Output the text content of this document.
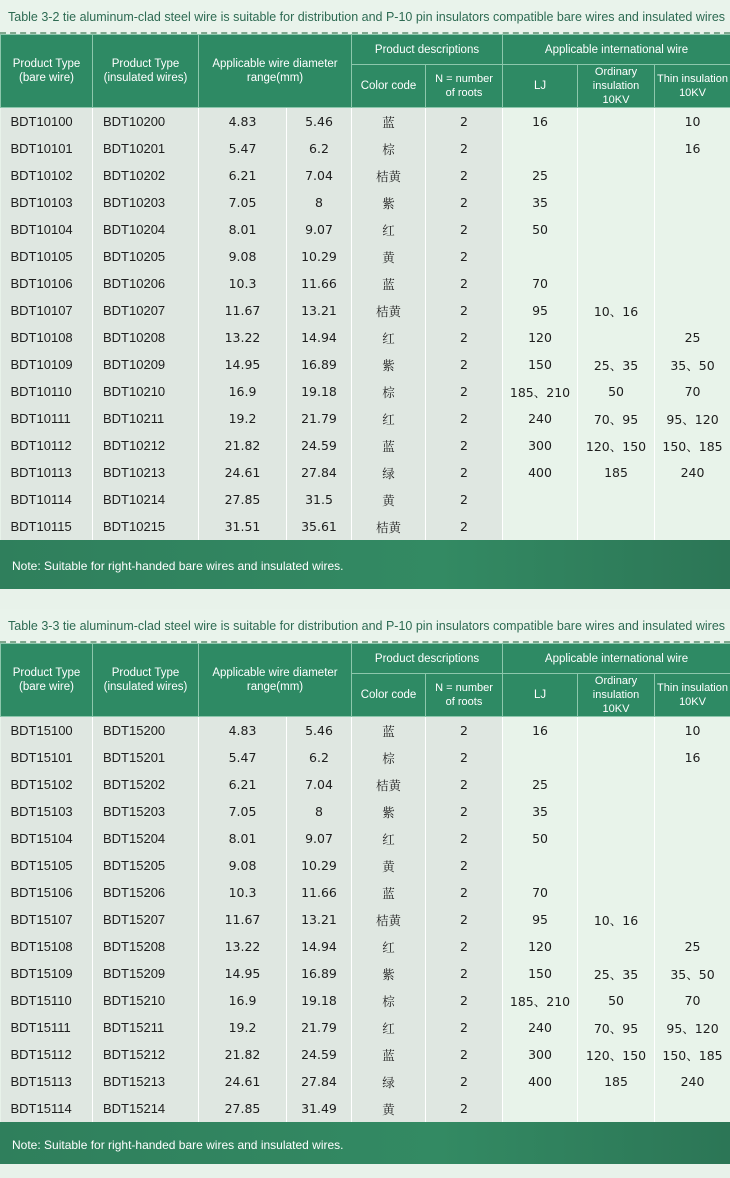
Table 3-2 tie aluminum-clad steel wire is suitable for distribution and P-10 pin insulators compatible bare wires and insulated wires
Product Type
(bare wire)	Product Type
(insulated wires)	Applicable wire diameter range(mm)		Product descriptions		Applicable international wire		
				Color code	N = number of roots	LJ	Ordinary insulation 10KV	Thin insulation 10KV
BDT10100	BDT10200	4.83	5.46	蓝	2	16		10
BDT10101	BDT10201	5.47	6.2	棕	2			16
BDT10102	BDT10202	6.21	7.04	桔黄	2	25		
BDT10103	BDT10203	7.05	8	紫	2	35		
BDT10104	BDT10204	8.01	9.07	红	2	50		
BDT10105	BDT10205	9.08	10.29	黄	2			
BDT10106	BDT10206	10.3	11.66	蓝	2	70		
BDT10107	BDT10207	11.67	13.21	桔黄	2	95	10、16	
BDT10108	BDT10208	13.22	14.94	红	2	120		25
BDT10109	BDT10209	14.95	16.89	紫	2	150	25、35	35、50
BDT10110	BDT10210	16.9	19.18	棕	2	185、210	50	70
BDT10111	BDT10211	19.2	21.79	红	2	240	70、95	95、120
BDT10112	BDT10212	21.82	24.59	蓝	2	300	120、150	150、185
BDT10113	BDT10213	24.61	27.84	绿	2	400	185	240
BDT10114	BDT10214	27.85	31.5	黄	2			
BDT10115	BDT10215	31.51	35.61	桔黄	2			
Note: Suitable for right-handed bare wires and insulated wires.
Table 3-3 tie aluminum-clad steel wire is suitable for distribution and P-10 pin insulators compatible bare wires and insulated wires
Product Type
(bare wire)	Product Type
(insulated wires)	Applicable wire diameter range(mm)		Product descriptions		Applicable international wire		
				Color code	N = number of roots	LJ	Ordinary insulation 10KV	Thin insulation 10KV
BDT15100	BDT15200	4.83	5.46	蓝	2	16		10
BDT15101	BDT15201	5.47	6.2	棕	2			16
BDT15102	BDT15202	6.21	7.04	桔黄	2	25		
BDT15103	BDT15203	7.05	8	紫	2	35		
BDT15104	BDT15204	8.01	9.07	红	2	50		
BDT15105	BDT15205	9.08	10.29	黄	2			
BDT15106	BDT15206	10.3	11.66	蓝	2	70		
BDT15107	BDT15207	11.67	13.21	桔黄	2	95	10、16	
BDT15108	BDT15208	13.22	14.94	红	2	120		25
BDT15109	BDT15209	14.95	16.89	紫	2	150	25、35	35、50
BDT15110	BDT15210	16.9	19.18	棕	2	185、210	50	70
BDT15111	BDT15211	19.2	21.79	红	2	240	70、95	95、120
BDT15112	BDT15212	21.82	24.59	蓝	2	300	120、150	150、185
BDT15113	BDT15213	24.61	27.84	绿	2	400	185	240
BDT15114	BDT15214	27.85	31.49	黄	2			
Note: Suitable for right-handed bare wires and insulated wires.
